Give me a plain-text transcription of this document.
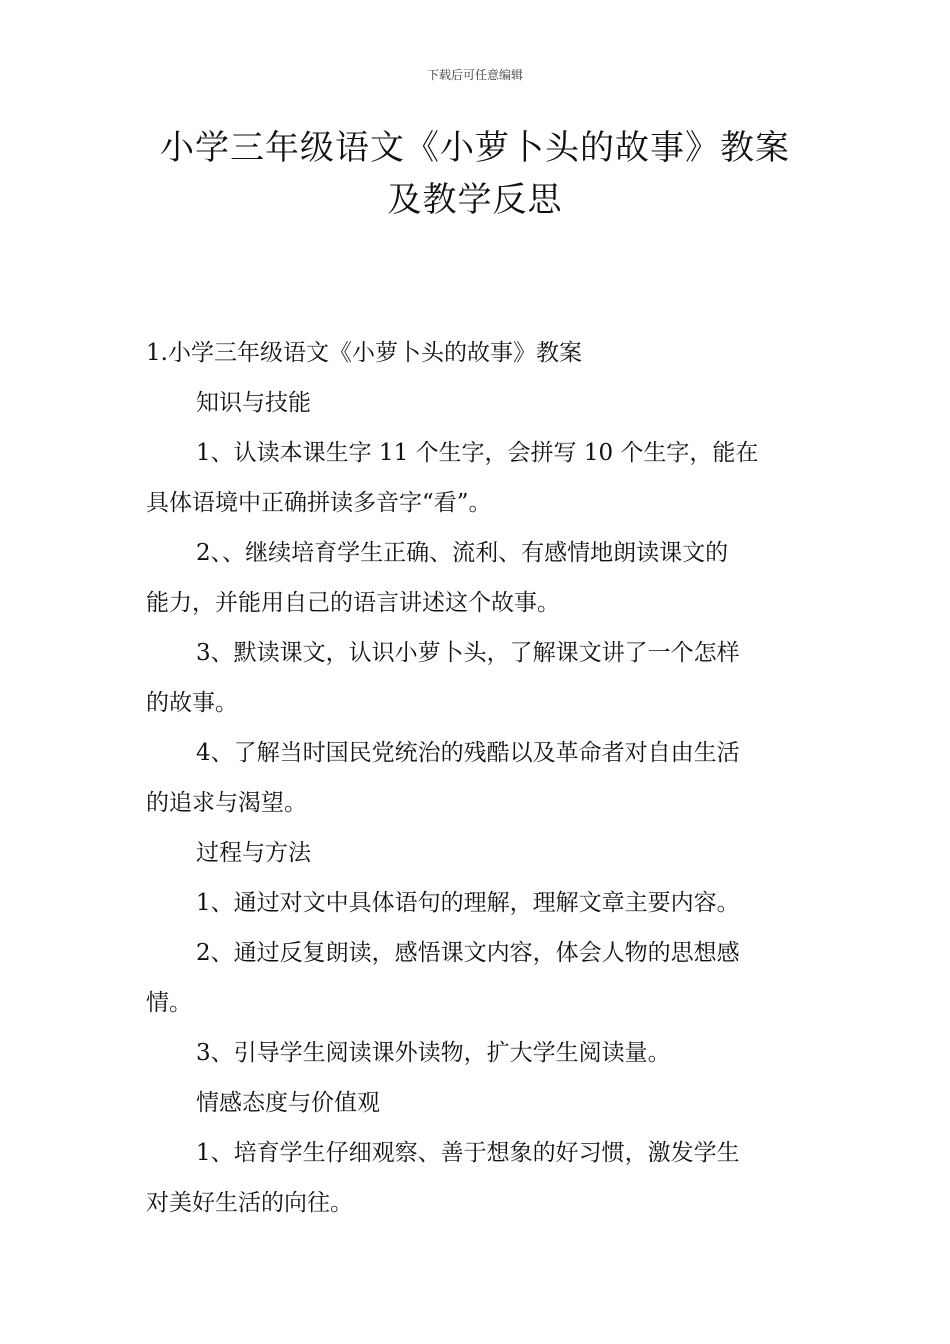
下载后可任意编辑
小学三年级语文《小萝卜头的故事》教案
及教学反思

1.小学三年级语文《小萝卜头的故事》教案

知识与技能

1、认读本课生字 11 个生字，会拼写 10 个生字，能在

具体语境中正确拼读多音字“看”。

2、、继续培育学生正确、流利、有感情地朗读课文的

能力，并能用自己的语言讲述这个故事。

3、默读课文，认识小萝卜头，了解课文讲了一个怎样

的故事。

4、了解当时国民党统治的残酷以及革命者对自由生活

的追求与渴望。

过程与方法

1、通过对文中具体语句的理解，理解文章主要内容。

2、通过反复朗读，感悟课文内容，体会人物的思想感

情。

3、引导学生阅读课外读物，扩大学生阅读量。

情感态度与价值观

1、培育学生仔细观察、善于想象的好习惯，激发学生

对美好生活的向往。
